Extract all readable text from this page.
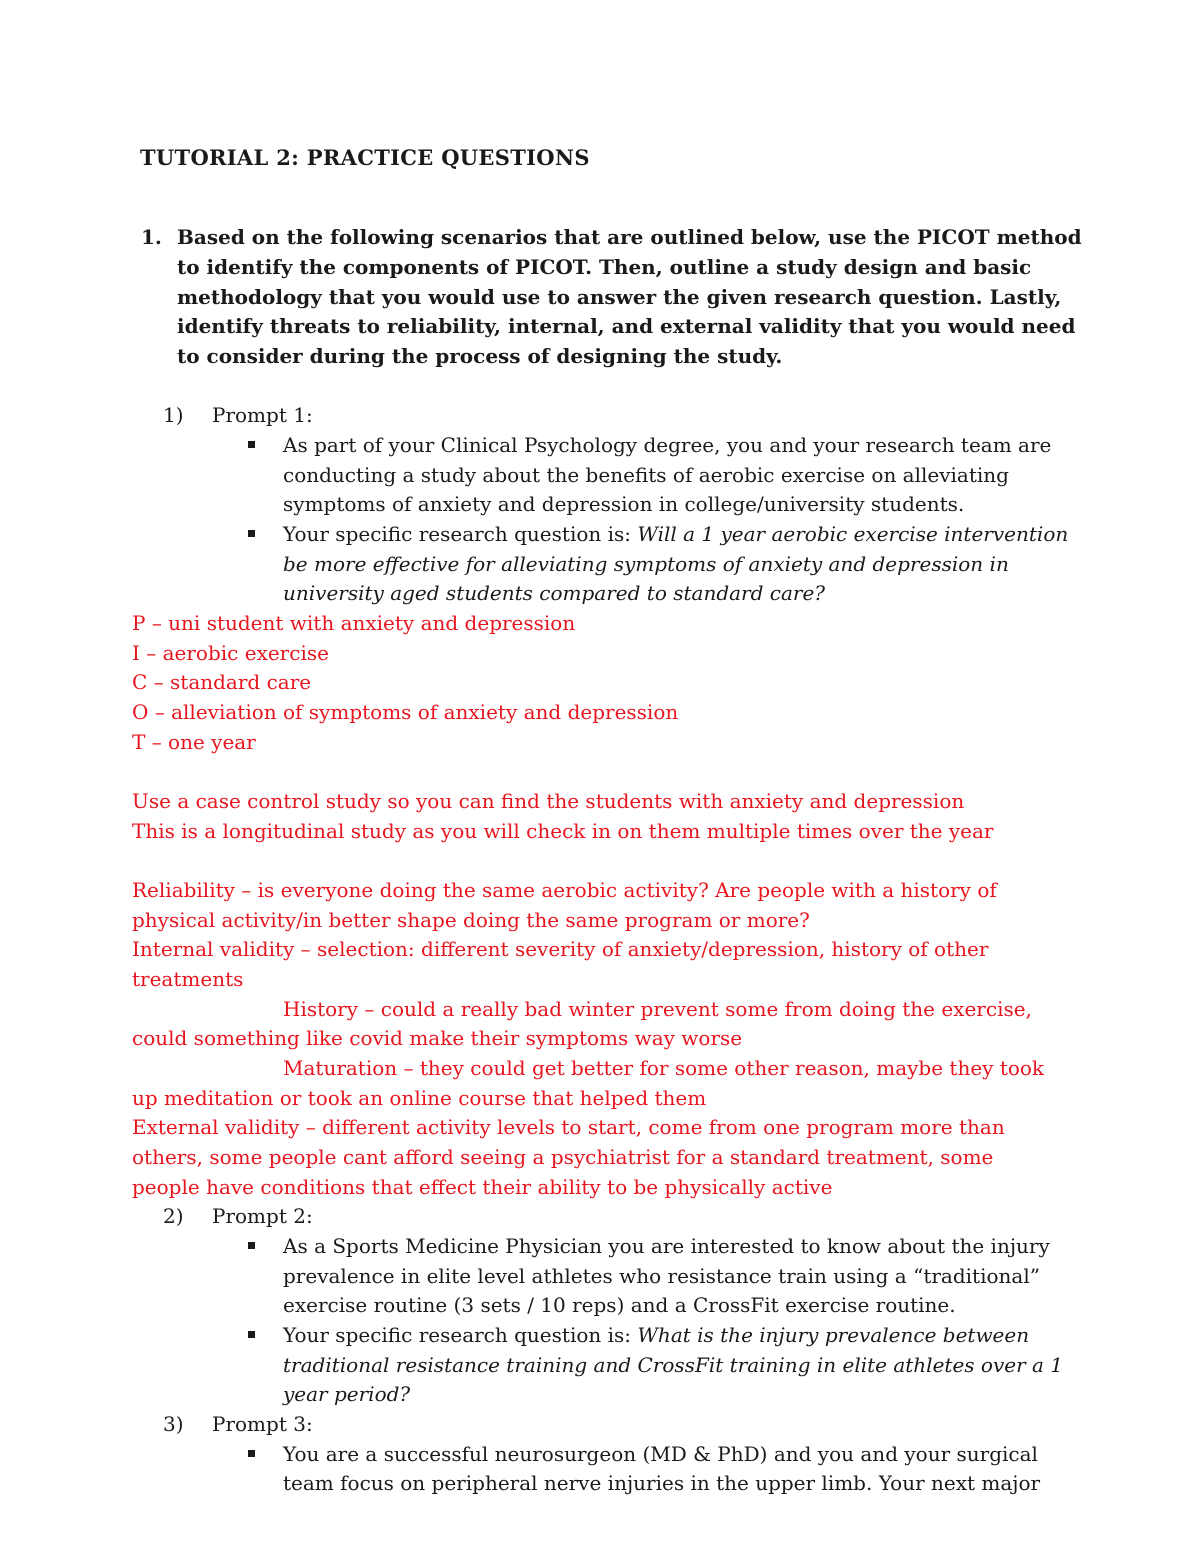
TUTORIAL 2: PRACTICE QUESTIONS
1. Based on the following scenarios that are outlined below, use the PICOT method
to identify the components of PICOT. Then, outline a study design and basic
methodology that you would use to answer the given research question. Lastly,
identify threats to reliability, internal, and external validity that you would need
to consider during the process of designing the study.
1) Prompt 1:
As part of your Clinical Psychology degree, you and your research team are
conducting a study about the benefits of aerobic exercise on alleviating
symptoms of anxiety and depression in college/university students.
Your specific research question is: Will a 1 year aerobic exercise intervention
be more effective for alleviating symptoms of anxiety and depression in
university aged students compared to standard care?
P – uni student with anxiety and depression
I – aerobic exercise
C – standard care
O – alleviation of symptoms of anxiety and depression
T – one year
Use a case control study so you can find the students with anxiety and depression
This is a longitudinal study as you will check in on them multiple times over the year
Reliability – is everyone doing the same aerobic activity? Are people with a history of
physical activity/in better shape doing the same program or more?
Internal validity – selection: different severity of anxiety/depression, history of other
treatments
History – could a really bad winter prevent some from doing the exercise,
could something like covid make their symptoms way worse
Maturation – they could get better for some other reason, maybe they took
up meditation or took an online course that helped them
External validity – different activity levels to start, come from one program more than
others, some people cant afford seeing a psychiatrist for a standard treatment, some
people have conditions that effect their ability to be physically active
2) Prompt 2:
As a Sports Medicine Physician you are interested to know about the injury
prevalence in elite level athletes who resistance train using a “traditional”
exercise routine (3 sets / 10 reps) and a CrossFit exercise routine.
Your specific research question is: What is the injury prevalence between
traditional resistance training and CrossFit training in elite athletes over a 1
year period?
3) Prompt 3:
You are a successful neurosurgeon (MD & PhD) and you and your surgical
team focus on peripheral nerve injuries in the upper limb. Your next major
